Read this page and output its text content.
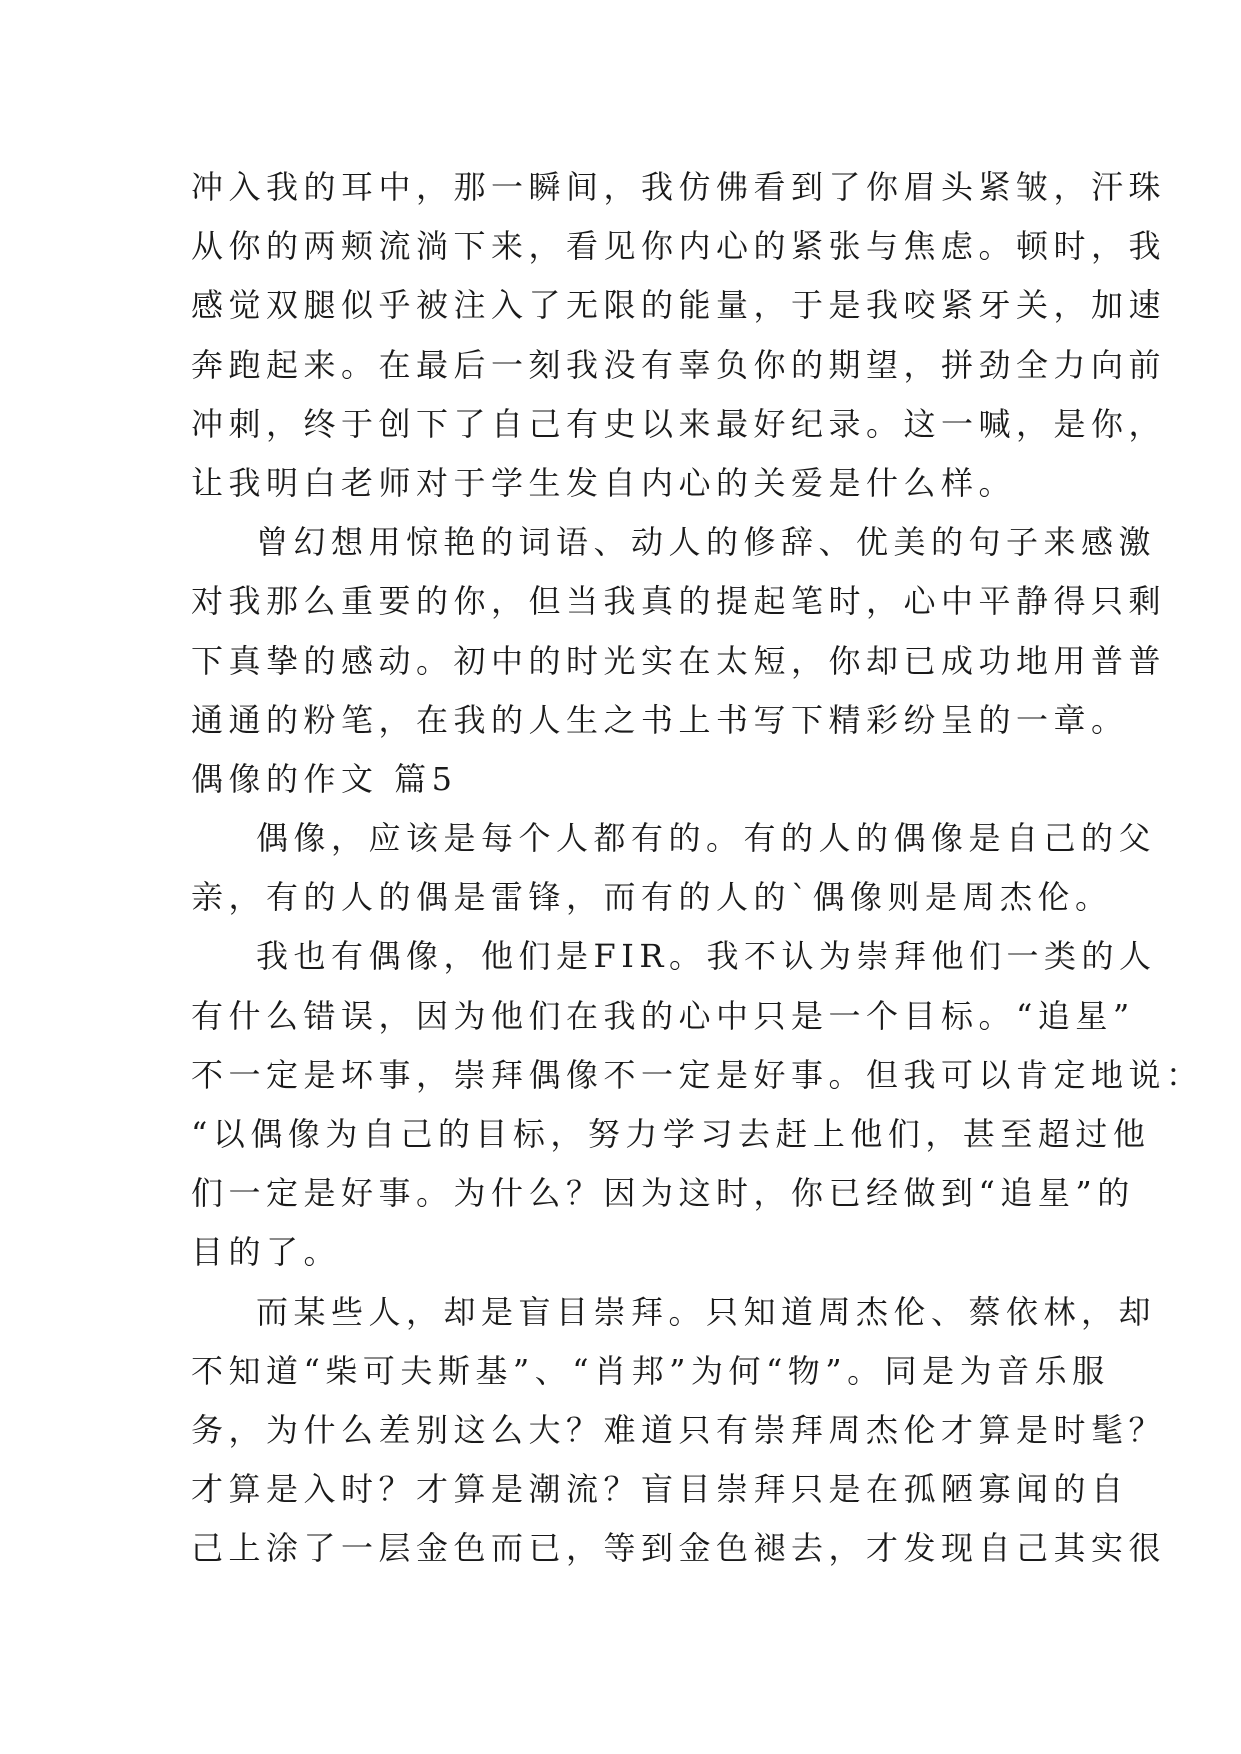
冲入我的耳中，那一瞬间，我仿佛看到了你眉头紧皱，汗珠
从你的两颊流淌下来，看见你内心的紧张与焦虑。顿时，我
感觉双腿似乎被注入了无限的能量，于是我咬紧牙关，加速
奔跑起来。在最后一刻我没有辜负你的期望，拼劲全力向前
冲刺，终于创下了自己有史以来最好纪录。这一喊，是你，
让我明白老师对于学生发自内心的关爱是什么样。
曾幻想用惊艳的词语、动人的修辞、优美的句子来感激
对我那么重要的你，但当我真的提起笔时，心中平静得只剩
下真挚的感动。初中的时光实在太短，你却已成功地用普普
通通的粉笔，在我的人生之书上书写下精彩纷呈的一章。
偶像的作文 篇5
偶像，应该是每个人都有的。有的人的偶像是自己的父
亲，有的人的偶是雷锋，而有的人的`偶像则是周杰伦。
我也有偶像，他们是FIR。我不认为崇拜他们一类的人
有什么错误，因为他们在我的心中只是一个目标。“追星”
不一定是坏事，崇拜偶像不一定是好事。但我可以肯定地说：
“以偶像为自己的目标，努力学习去赶上他们，甚至超过他
们一定是好事。为什么？因为这时，你已经做到“追星”的
目的了。
而某些人，却是盲目崇拜。只知道周杰伦、蔡依林，却
不知道“柴可夫斯基”、“肖邦”为何“物”。同是为音乐服
务，为什么差别这么大？难道只有崇拜周杰伦才算是时髦？
才算是入时？才算是潮流？盲目崇拜只是在孤陋寡闻的自
己上涂了一层金色而已，等到金色褪去，才发现自己其实很
